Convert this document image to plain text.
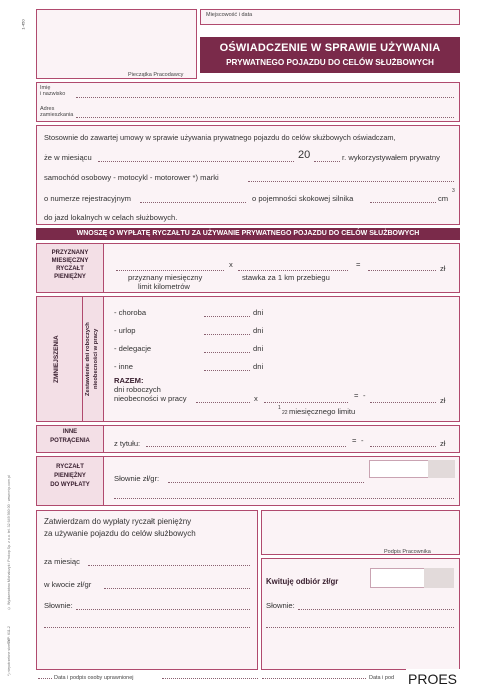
© Wydawnictwo Michalczyk i Prokop Sp. z o.o. tel. 32 649 560 00 · www.mip.com.pl
TYP: 611-2
*) niepotrzebne skreślić
Pieczątka Pracodawcy
1-450
Miejscowość i data
OŚWIADCZENIE W SPRAWIE UŻYWANIA
PRYWATNEGO POJAZDU DO CELÓW SŁUŻBOWYCH
Imię
i nazwisko
Adres
zamieszkania
Stosownie do zawartej umowy w sprawie używania prywatnego pojazdu do celów służbowych oświadczam,
że w miesiącu	20	r. wykorzystywałem prywatny
samochód osobowy - motocykl - motorower *) marki
o numerze rejestracyjnym	o pojemności skokowej silnika	cm
3
do jazd lokalnych w celach służbowych.
WNOSZĘ O WYPŁATĘ RYCZAŁTU ZA UŻYWANIE PRYWATNEGO POJAZDU DO CELÓW SŁUŻBOWYCH
PRZYZNANY
MIESIĘCZNY
RYCZAŁT
PIENIĘŻNY
x	=	zł
przyznany miesięczny
limit kilometrów
stawka za 1 km przebiegu
ZMNIEJSZENIA	Zestawienie dni roboczych nieobecności w pracy
- choroba	dni
- urlop	dni
- delegacje	dni
- inne	dni
RAZEM:
dni roboczych
nieobecności w pracy	x	= -
zł
1
22 miesięcznego limitu
INNE
POTRĄCENIA	z tytułu:	= -	zł
RYCZAŁT
PIENIĘŻNY
DO WYPŁATY
Słownie zł/gr:
Zatwierdzam do wypłaty ryczałt pieniężny
za używanie pojazdu do celów służbowych
za miesiąc
w kwocie zł/gr
Słownie:
Data i podpis osoby uprawnionej
Podpis Pracownika
Kwituję odbiór zł/gr
Słownie:
Data i pod PROES
